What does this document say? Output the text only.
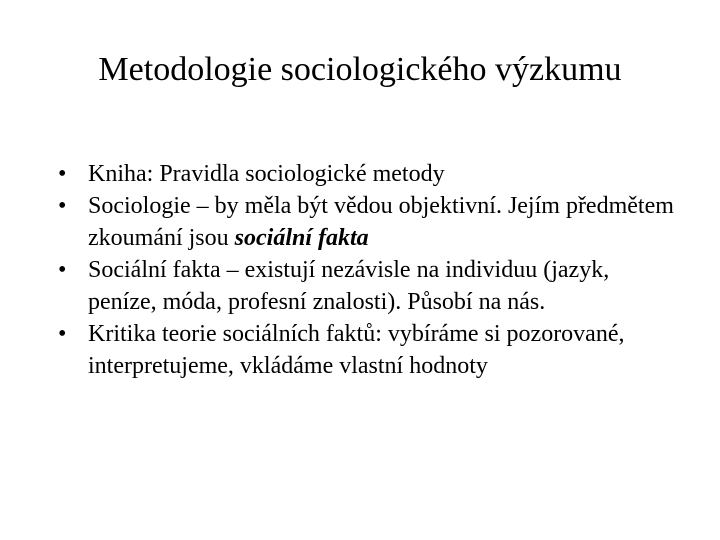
Metodologie sociologického výzkumu
• Kniha: Pravidla sociologické metody
• Sociologie – by měla být vědou objektivní. Jejím předmětem zkoumání jsou sociální fakta
• Sociální fakta – existují nezávisle na individuu (jazyk, peníze, móda, profesní znalosti). Působí na nás.
• Kritika teorie sociálních faktů: vybíráme si pozorované, interpretujeme, vkládáme vlastní hodnoty
